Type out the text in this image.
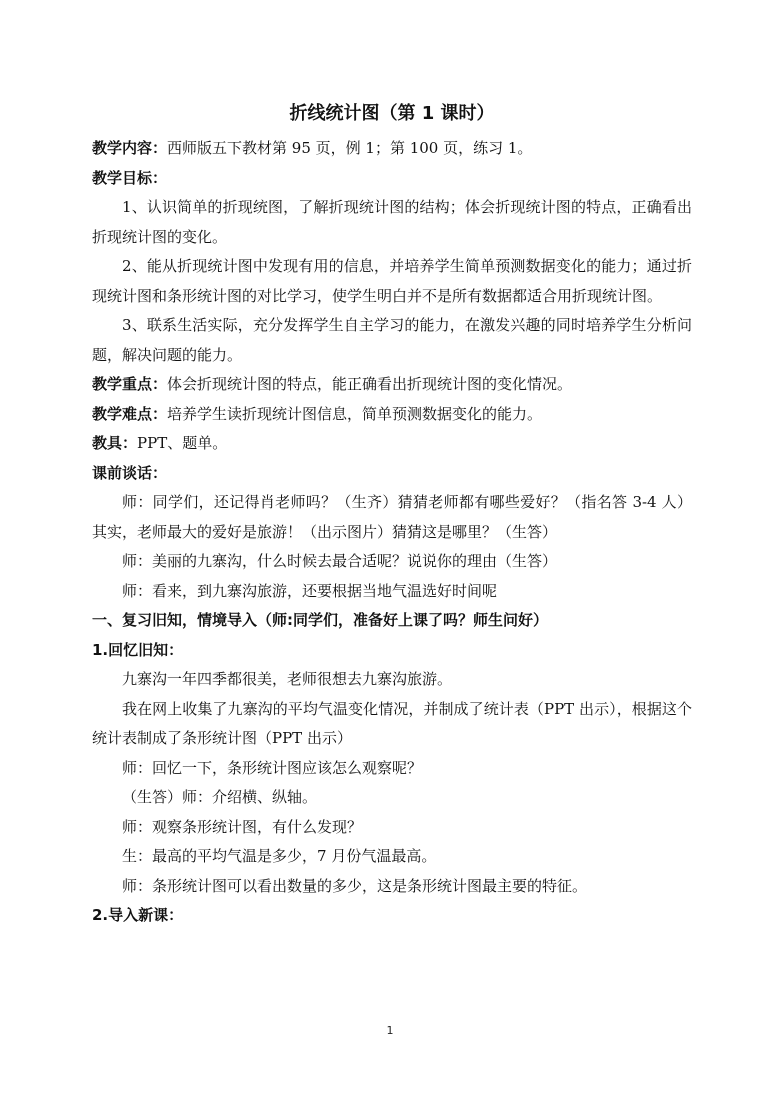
折线统计图（第 1 课时）
教学内容：西师版五下教材第 95 页，例 1；第 100 页，练习 1。
教学目标：

1、认识简单的折现统图，了解折现统计图的结构；体会折现统计图的特点，正确看出折现统计图的变化。

2、能从折现统计图中发现有用的信息，并培养学生简单预测数据变化的能力；通过折现统计图和条形统计图的对比学习，使学生明白并不是所有数据都适合用折现统计图。

3、联系生活实际，充分发挥学生自主学习的能力，在激发兴趣的同时培养学生分析问题，解决问题的能力。

教学重点：体会折现统计图的特点，能正确看出折现统计图的变化情况。
教学难点：培养学生读折现统计图信息，简单预测数据变化的能力。
教具：PPT、题单。
课前谈话：

师：同学们，还记得肖老师吗？（生齐）猜猜老师都有哪些爱好？（指名答 3-4 人）其实，老师最大的爱好是旅游！（出示图片）猜猜这是哪里？（生答）

师：美丽的九寨沟，什么时候去最合适呢？说说你的理由（生答）

师：看来，到九寨沟旅游，还要根据当地气温选好时间呢

一、复习旧知，情境导入（师:同学们，准备好上课了吗？师生问好）
1.回忆旧知：

九寨沟一年四季都很美，老师很想去九寨沟旅游。

我在网上收集了九寨沟的平均气温变化情况，并制成了统计表（PPT 出示），根据这个统计表制成了条形统计图（PPT 出示）

师：回忆一下，条形统计图应该怎么观察呢？

（生答）师：介绍横、纵轴。

师：观察条形统计图，有什么发现？

生：最高的平均气温是多少，7 月份气温最高。

师：条形统计图可以看出数量的多少，这是条形统计图最主要的特征。

2.导入新课：
1
